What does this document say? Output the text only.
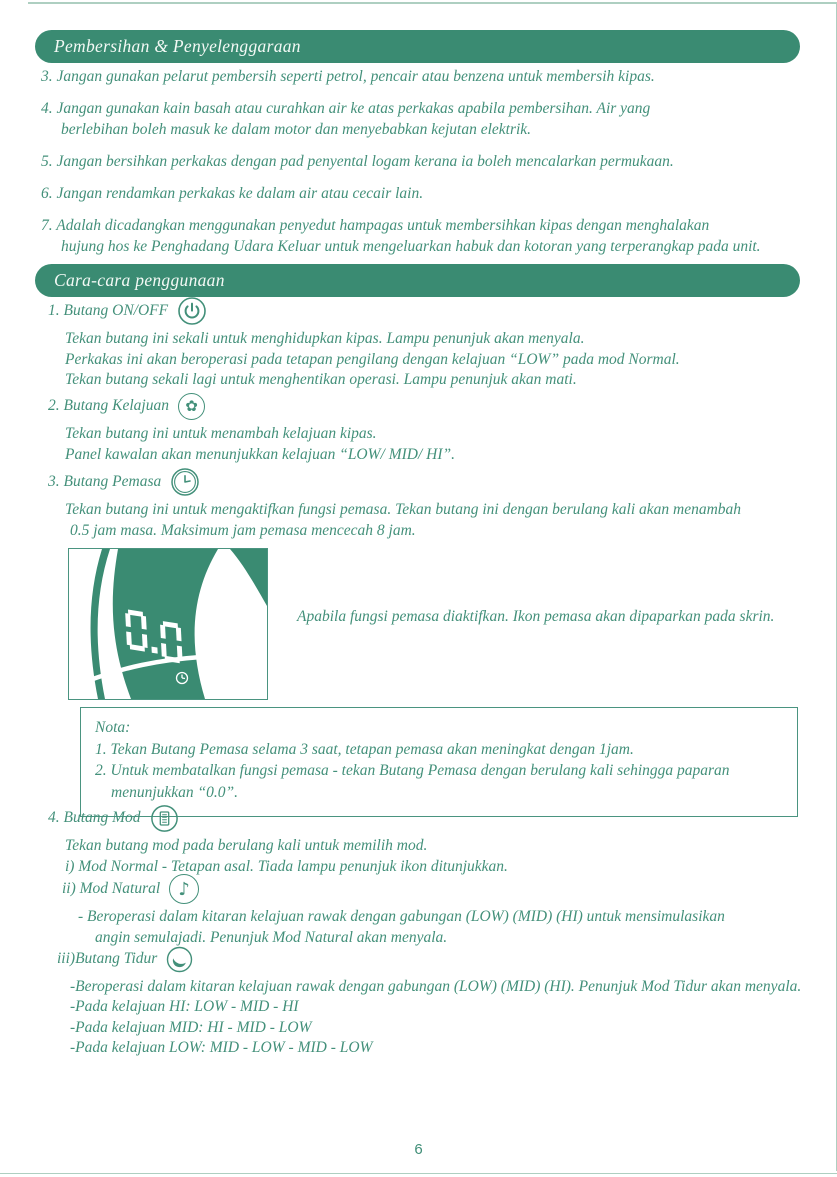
Pembersihan & Penyelenggaraan
3. Jangan gunakan pelarut pembersih seperti petrol, pencair atau benzena untuk membersih kipas.
4. Jangan gunakan kain basah atau curahkan air ke atas perkakas apabila pembersihan. Air yang
berlebihan boleh masuk ke dalam motor dan menyebabkan kejutan elektrik.
5. Jangan bersihkan perkakas dengan pad penyental logam kerana ia boleh mencalarkan permukaan.
6. Jangan rendamkan perkakas ke dalam air atau cecair lain.
7. Adalah dicadangkan menggunakan penyedut hampagas untuk membersihkan kipas dengan menghalakan
hujung hos ke Penghadang Udara Keluar untuk mengeluarkan habuk dan kotoran yang terperangkap pada unit.
Cara-cara penggunaan
1. Butang ON/OFF
Tekan butang ini sekali untuk menghidupkan kipas. Lampu penunjuk akan menyala.
Perkakas ini akan beroperasi pada tetapan pengilang dengan kelajuan “LOW” pada mod Normal.
Tekan butang sekali lagi untuk menghentikan operasi. Lampu penunjuk akan mati.
2. Butang Kelajuan ✿
Tekan butang ini untuk menambah kelajuan kipas.
Panel kawalan akan menunjukkan kelajuan “LOW/ MID/ HI”.
3. Butang Pemasa
Tekan butang ini untuk mengaktifkan fungsi pemasa. Tekan butang ini dengan berulang kali akan menambah
0.5 jam masa. Maksimum jam pemasa mencecah 8 jam.
Apabila fungsi pemasa diaktifkan. Ikon pemasa akan dipaparkan pada skrin.
Nota:
1. Tekan Butang Pemasa selama 3 saat, tetapan pemasa akan meningkat dengan 1jam.
2. Untuk membatalkan fungsi pemasa - tekan Butang Pemasa dengan berulang kali sehingga paparan
menunjukkan “0.0”.
4. Butang Mod
Tekan butang mod pada berulang kali untuk memilih mod.
i) Mod Normal - Tetapan asal. Tiada lampu penunjuk ikon ditunjukkan.
ii) Mod Natural ♪
- Beroperasi dalam kitaran kelajuan rawak dengan gabungan (LOW) (MID) (HI) untuk mensimulasikan
angin semulajadi. Penunjuk Mod Natural akan menyala.
iii)Butang Tidur
-Beroperasi dalam kitaran kelajuan rawak dengan gabungan (LOW) (MID) (HI). Penunjuk Mod Tidur akan menyala.
-Pada kelajuan HI: LOW - MID - HI
-Pada kelajuan MID: HI - MID - LOW
-Pada kelajuan LOW: MID - LOW - MID - LOW
6
